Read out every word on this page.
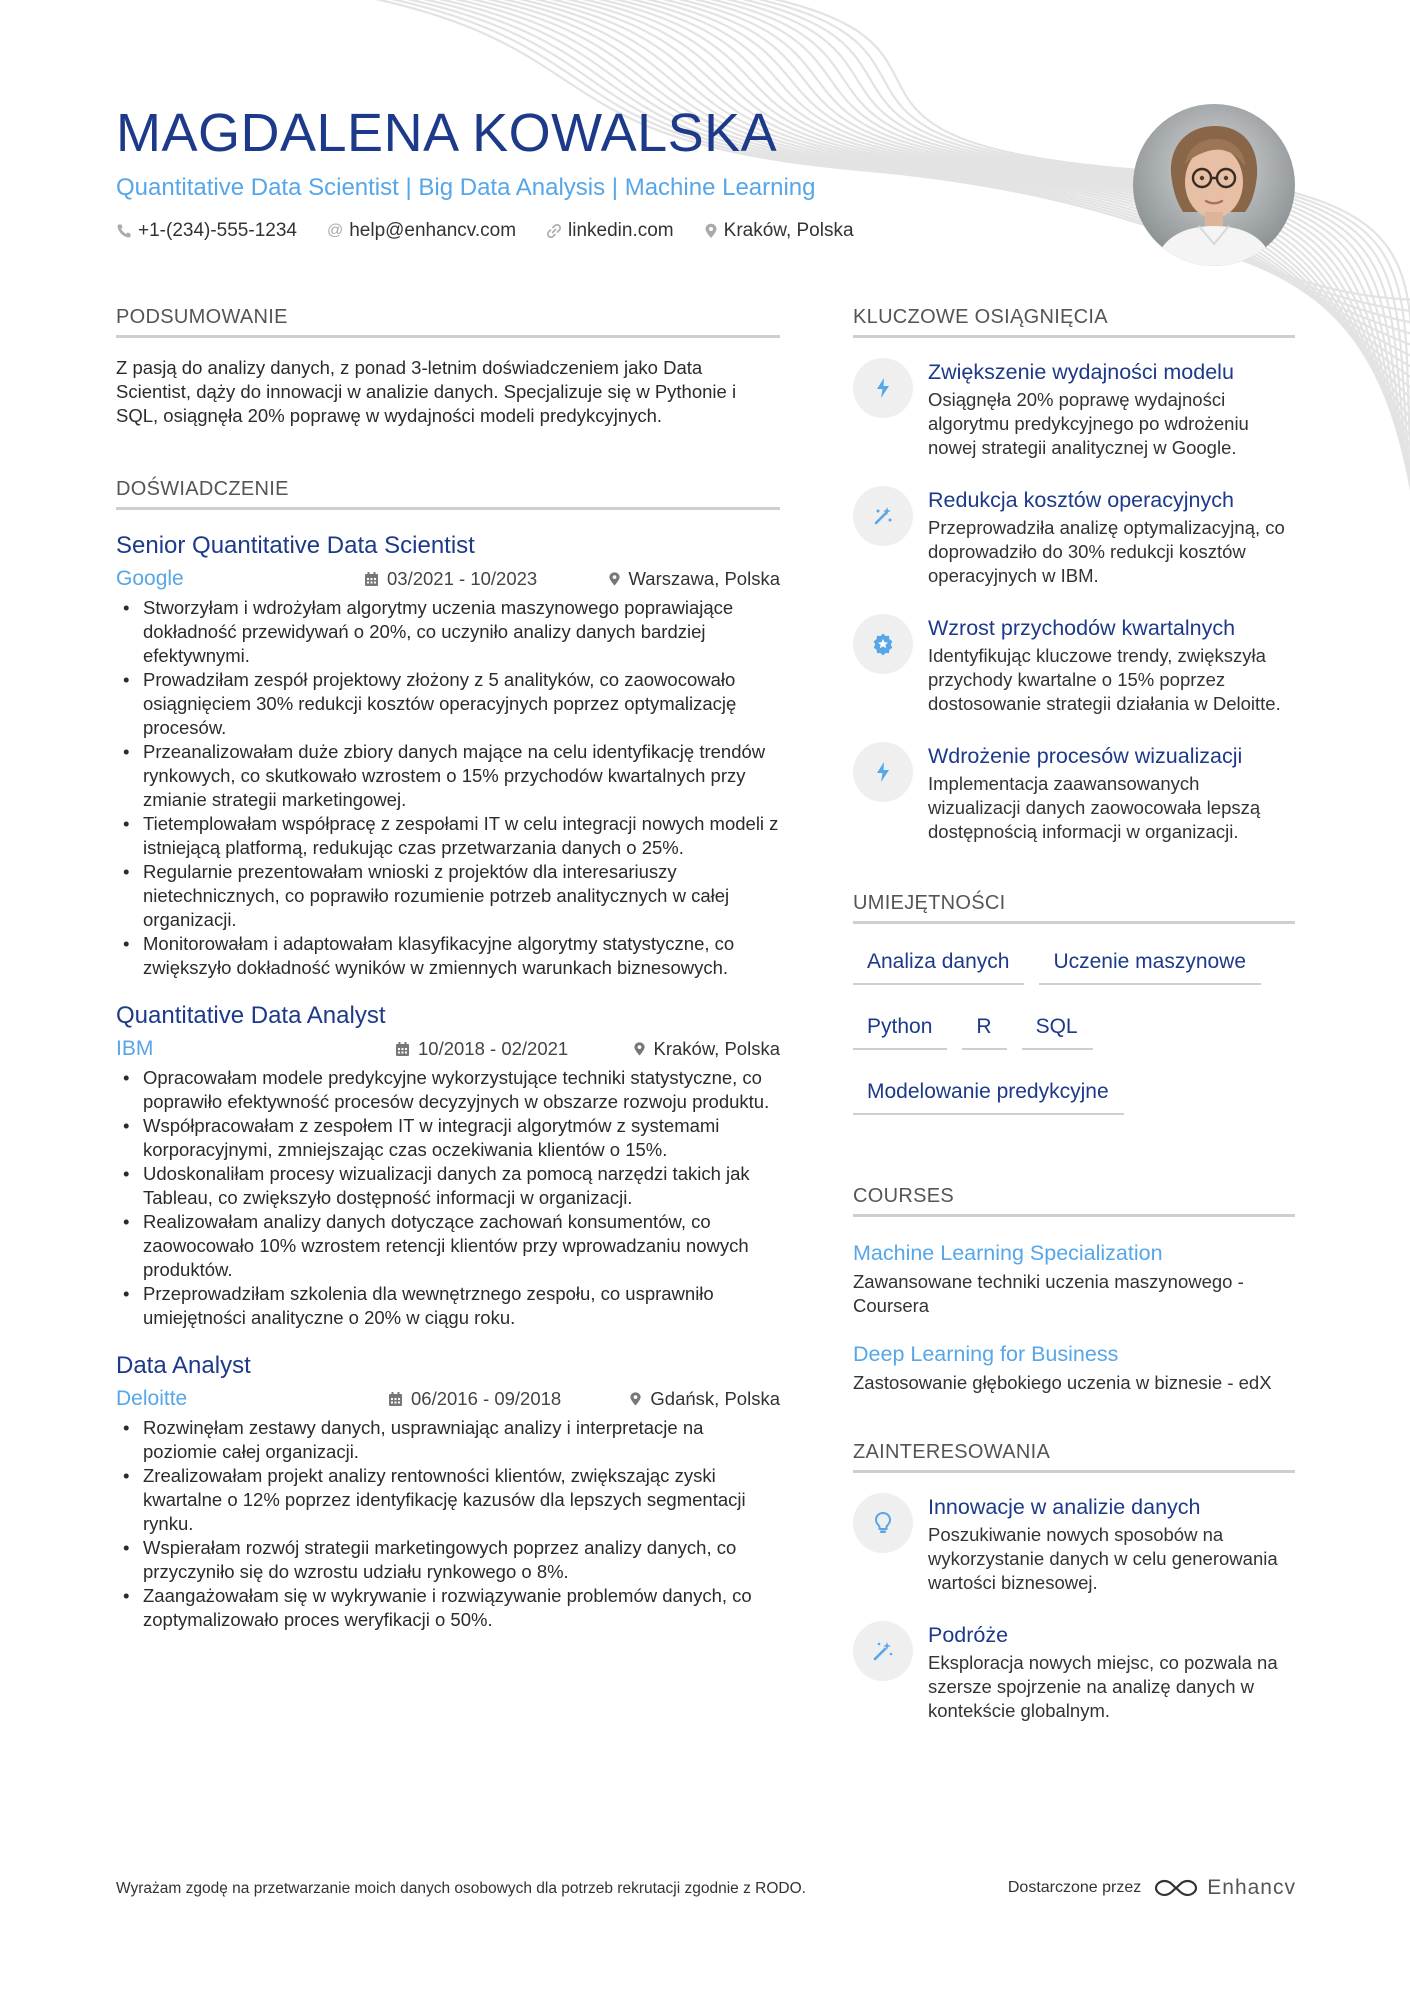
MAGDALENA KOWALSKA
Quantitative Data Scientist | Big Data Analysis | Machine Learning
+1-(234)-555-1234 @ help@enhancv.com	linkedin.com	Kraków, Polska
PODSUMOWANIE
Z pasją do analizy danych, z ponad 3-letnim doświadczeniem jako Data Scientist, dąży do innowacji w analizie danych. Specjalizuje się w Pythonie i SQL, osiągnęła 20% poprawę w wydajności modeli predykcyjnych.
DOŚWIADCZENIE
Senior Quantitative Data Scientist
Google	03/2021 - 10/2023	Warszawa, Polska
• Stworzyłam i wdrożyłam algorytmy uczenia maszynowego poprawiające dokładność przewidywań o 20%, co uczyniło analizy danych bardziej efektywnymi.
• Prowadziłam zespół projektowy złożony z 5 analityków, co zaowocowało osiągnięciem 30% redukcji kosztów operacyjnych poprzez optymalizację procesów.
• Przeanalizowałam duże zbiory danych mające na celu identyfikację trendów rynkowych, co skutkowało wzrostem o 15% przychodów kwartalnych przy zmianie strategii marketingowej.
• Tietemplowałam współpracę z zespołami IT w celu integracji nowych modeli z istniejącą platformą, redukując czas przetwarzania danych o 25%.
• Regularnie prezentowałam wnioski z projektów dla interesariuszy nietechnicznych, co poprawiło rozumienie potrzeb analitycznych w całej organizacji.
• Monitorowałam i adaptowałam klasyfikacyjne algorytmy statystyczne, co zwiększyło dokładność wyników w zmiennych warunkach biznesowych.
Quantitative Data Analyst
IBM	10/2018 - 02/2021	Kraków, Polska
• Opracowałam modele predykcyjne wykorzystujące techniki statystyczne, co poprawiło efektywność procesów decyzyjnych w obszarze rozwoju produktu.
• Współpracowałam z zespołem IT w integracji algorytmów z systemami korporacyjnymi, zmniejszając czas oczekiwania klientów o 15%.
• Udoskonaliłam procesy wizualizacji danych za pomocą narzędzi takich jak Tableau, co zwiększyło dostępność informacji w organizacji.
• Realizowałam analizy danych dotyczące zachowań konsumentów, co zaowocowało 10% wzrostem retencji klientów przy wprowadzaniu nowych produktów.
• Przeprowadziłam szkolenia dla wewnętrznego zespołu, co usprawniło umiejętności analityczne o 20% w ciągu roku.
Data Analyst
Deloitte	06/2016 - 09/2018	Gdańsk, Polska
• Rozwinęłam zestawy danych, usprawniając analizy i interpretacje na poziomie całej organizacji.
• Zrealizowałam projekt analizy rentowności klientów, zwiększając zyski kwartalne o 12% poprzez identyfikację kazusów dla lepszych segmentacji rynku.
• Wspierałam rozwój strategii marketingowych poprzez analizy danych, co przyczyniło się do wzrostu udziału rynkowego o 8%.
• Zaangażowałam się w wykrywanie i rozwiązywanie problemów danych, co zoptymalizowało proces weryfikacji o 50%.
KLUCZOWE OSIĄGNIĘCIA
Zwiększenie wydajności modelu
Osiągnęła 20% poprawę wydajności algorytmu predykcyjnego po wdrożeniu nowej strategii analitycznej w Google.
Redukcja kosztów operacyjnych
Przeprowadziła analizę optymalizacyjną, co doprowadziło do 30% redukcji kosztów operacyjnych w IBM.
Wzrost przychodów kwartalnych
Identyfikując kluczowe trendy, zwiększyła przychody kwartalne o 15% poprzez dostosowanie strategii działania w Deloitte.
Wdrożenie procesów wizualizacji
Implementacja zaawansowanych wizualizacji danych zaowocowała lepszą dostępnością informacji w organizacji.
UMIEJĘTNOŚCI
Analiza danych	Uczenie maszynowe
Python	R	SQL
Modelowanie predykcyjne
COURSES
Machine Learning Specialization
Zawansowane techniki uczenia maszynowego - Coursera
Deep Learning for Business
Zastosowanie głębokiego uczenia w biznesie - edX
ZAINTERESOWANIA
Innowacje w analizie danych
Poszukiwanie nowych sposobów na wykorzystanie danych w celu generowania wartości biznesowej.
Podróże
Eksploracja nowych miejsc, co pozwala na szersze spojrzenie na analizę danych w kontekście globalnym.
Wyrażam zgodę na przetwarzanie moich danych osobowych dla potrzeb rekrutacji zgodnie z RODO.	Dostarczone przez	Enhancv
